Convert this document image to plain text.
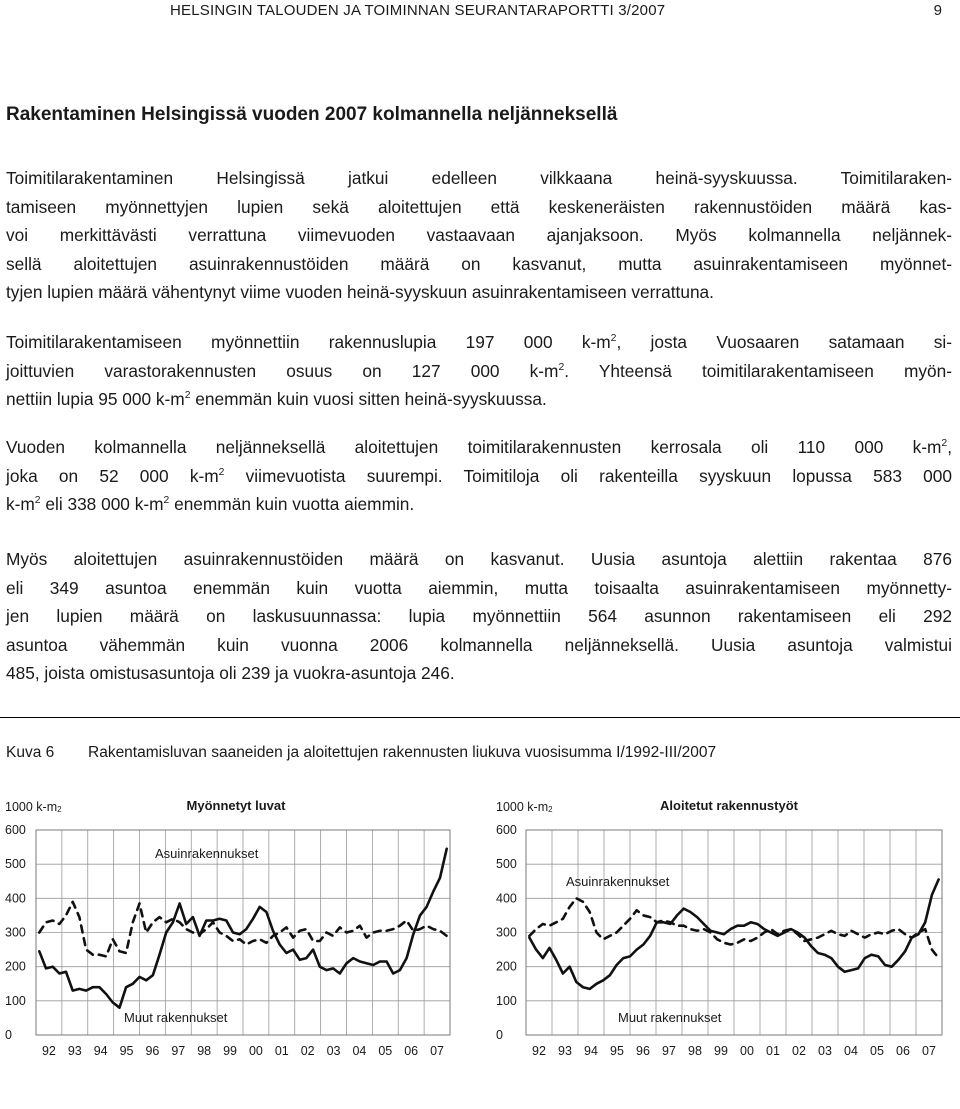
HELSINGIN TALOUDEN JA TOIMINNAN SEURANTARAPORTTI 3/2007	9
Rakentaminen Helsingissä vuoden 2007 kolmannella neljänneksellä
Toimitilarakentaminen Helsingissä jatkui edelleen vilkkaana heinä-syyskuussa. Toimitilaraken-
tamiseen myönnettyjen lupien sekä aloitettujen että keskeneräisten rakennustöiden määrä kas-
voi merkittävästi verrattuna viimevuoden vastaavaan ajanjaksoon. Myös kolmannella neljännek-
sellä aloitettujen asuinrakennustöiden määrä on kasvanut, mutta asuinrakentamiseen myönnet-
tyjen lupien määrä vähentynyt viime vuoden heinä-syyskuun asuinrakentamiseen verrattuna.
Toimitilarakentamiseen myönnettiin rakennuslupia 197 000 $k-m^2$, josta Vuosaaren satamaan si-
joittuvien varastorakennusten osuus on 127 000 $k-m^2$. Yhteensä toimitilarakentamiseen myön-
nettiin lupia 95 000 $k-m^2$ enemmän kuin vuosi sitten heinä-syyskuussa.
Vuoden kolmannella neljänneksellä aloitettujen toimitilarakennusten kerrosala oli 110 000 $k-m^2$,
joka on 52 000 $k-m^2$ viimevuotista suurempi. Toimitiloja oli rakenteilla syyskuun lopussa 583 000
$k-m^2$ eli 338 000 $k-m^2$ enemmän kuin vuotta aiemmin.
Myös aloitettujen asuinrakennustöiden määrä on kasvanut. Uusia asuntoja alettiin rakentaa 876
eli 349 asuntoa enemmän kuin vuotta aiemmin, mutta toisaalta asuinrakentamiseen myönnetty-
jen lupien määrä on laskusuunnassa: lupia myönnettiin 564 asunnon rakentamiseen eli 292
asuntoa vähemmän kuin vuonna 2006 kolmannella neljänneksellä. Uusia asuntoja valmistui
485, joista omistusasuntoja oli 239 ja vuokra-asuntoja 246.
Kuva 6 Rakentamisluvan saaneiden ja aloitettujen rakennusten liukuva vuosisumma I/1992-III/2007
1000 k-m2	Myönnetyt luvat
0
100
200
300
400
500
600
92 93 94 95 96 97 98 99 00 01 02 03 04 05 06 07
Asuinrakennukset
Muut rakennukset
1000 k-m2	Aloitetut rakennustyöt
0
100
200
300
400
500
600
92 93 94 95 96 97 98 99 00 01 02 03 04 05 06 07
Asuinrakennukset
Muut rakennukset
